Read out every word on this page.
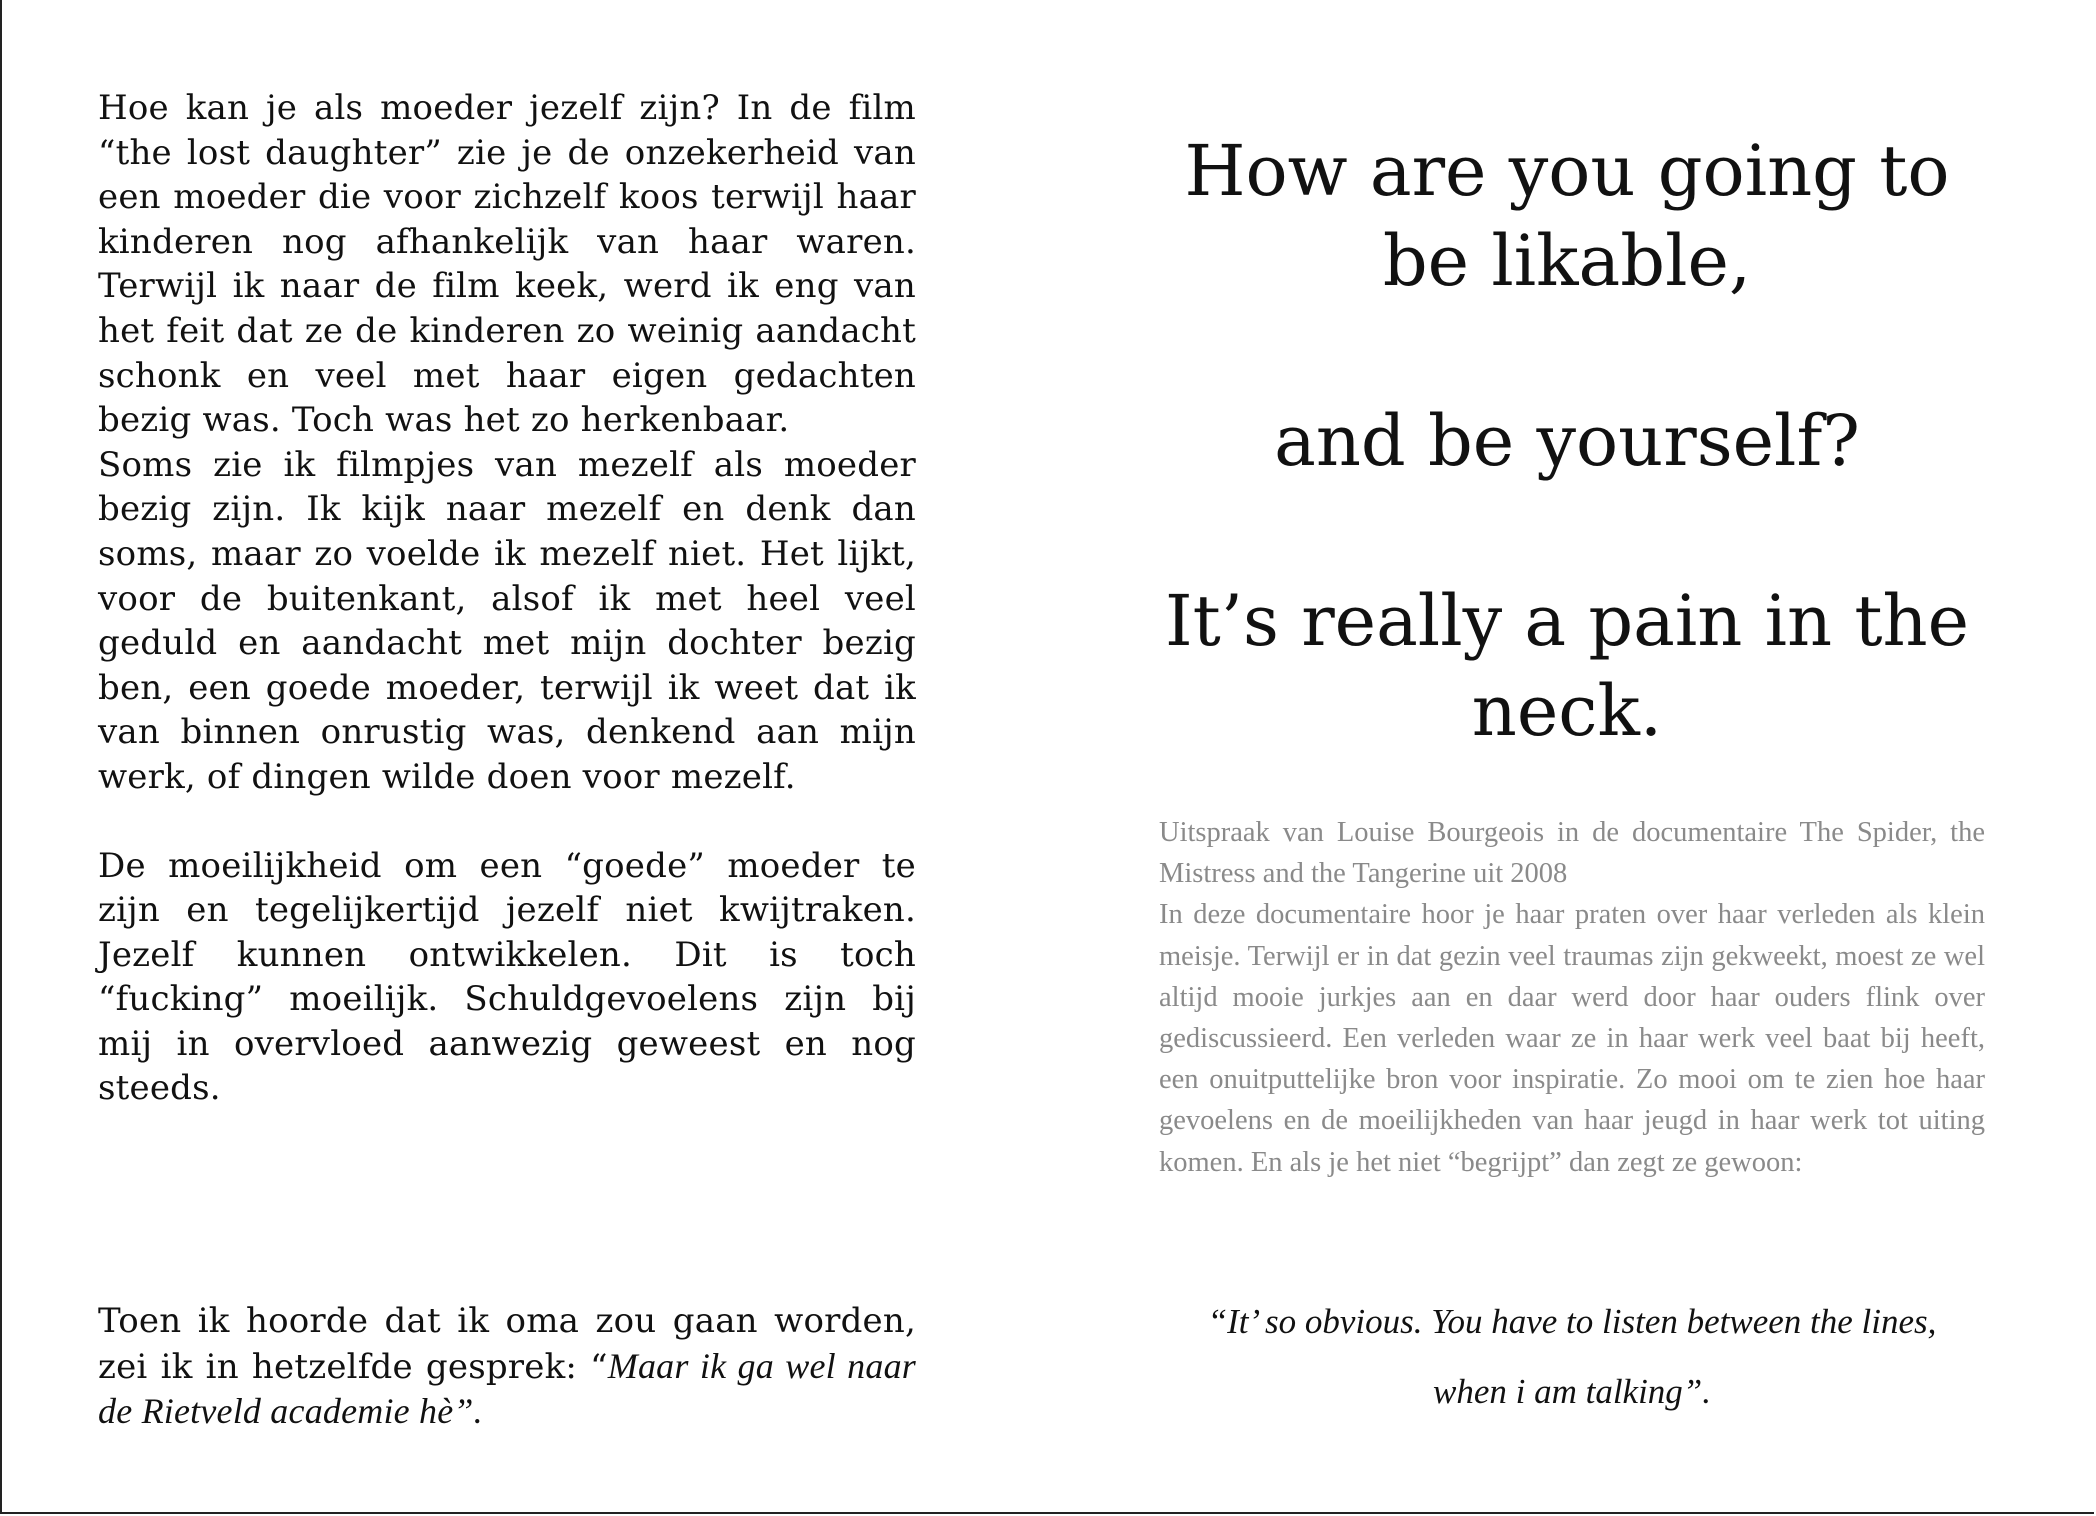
Hoe kan je als moeder jezelf zijn? In de film “the lost daughter” zie je de onzekerheid van een moeder die voor zichzelf koos terwijl haar kinderen nog afhankelijk van haar waren. Terwijl ik naar de film keek, werd ik eng van het feit dat ze de kinderen zo weinig aandacht schonk en veel met haar eigen gedachten bezig was. Toch was het zo herkenbaar.

Soms zie ik filmpjes van mezelf als moeder bezig zijn. Ik kijk naar mezelf en denk dan soms, maar zo voelde ik mezelf niet. Het lijkt, voor de buitenkant, alsof ik met heel veel geduld en aandacht met mijn dochter bezig ben, een goede moeder, terwijl ik weet dat ik van binnen onrustig was, denkend aan mijn werk, of dingen wilde doen voor mezelf.

De moeilijkheid om een “goede” moeder te zijn en tegelijkertijd jezelf niet kwijtraken. Jezelf kunnen ontwikkelen. Dit is toch “fucking” moeilijk. Schuldgevoelens zijn bij mij in overvloed aanwezig geweest en nog steeds.

Toen ik hoorde dat ik oma zou gaan worden, zei ik in hetzelfde gesprek: “Maar ik ga wel naar de Rietveld academie hè”.

How are you going to be likable,
and be yourself?
It’s really a pain in the neck.

Uitspraak van Louise Bourgeois in de documentaire The Spider, the Mistress and the Tangerine uit 2008

In deze documentaire hoor je haar praten over haar verleden als klein meisje. Terwijl er in dat gezin veel traumas zijn gekweekt, moest ze wel altijd mooie jurkjes aan en daar werd door haar ouders flink over gediscussieerd. Een verleden waar ze in haar werk veel baat bij heeft, een onuitputtelijke bron voor inspiratie. Zo mooi om te zien hoe haar gevoelens en de moeilijkheden van haar jeugd in haar werk tot uiting komen. En als je het niet “begrijpt” dan zegt ze gewoon:

“It’ so obvious. You have to listen between the lines,
when i am talking”.
